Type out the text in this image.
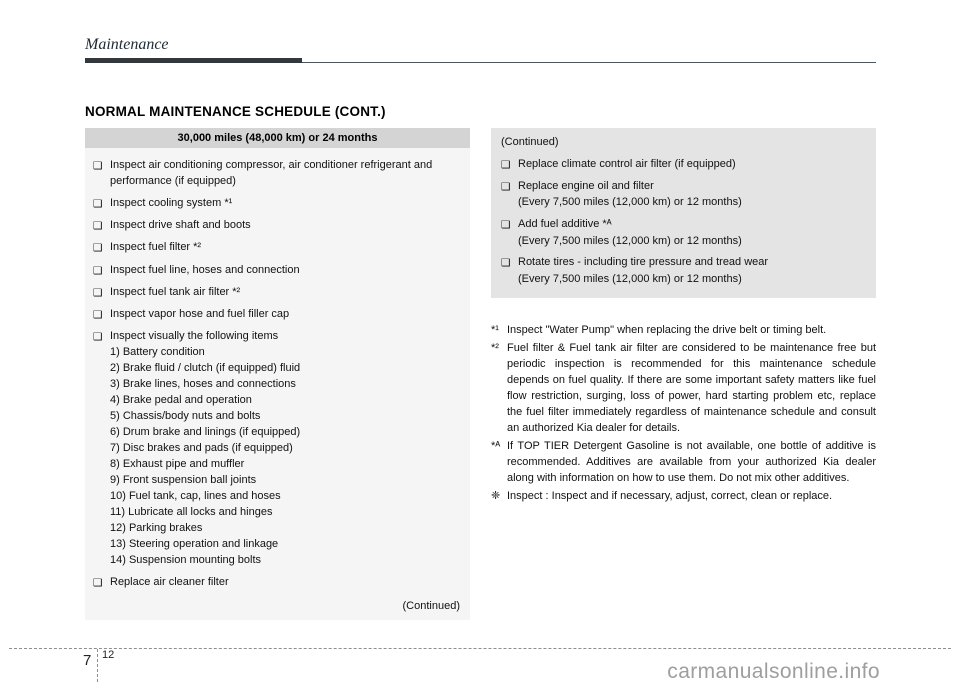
Maintenance
NORMAL MAINTENANCE SCHEDULE (CONT.)
30,000 miles (48,000 km) or 24 months
❑ Inspect air conditioning compressor, air conditioner refrigerant and performance (if equipped)
❑ Inspect cooling system *¹
❑ Inspect drive shaft and boots
❑ Inspect fuel filter *²
❑ Inspect fuel line, hoses and connection
❑ Inspect fuel tank air filter *²
❑ Inspect vapor hose and fuel filler cap
❑ Inspect visually the following items
1) Battery condition
2) Brake fluid / clutch (if equipped) fluid
3) Brake lines, hoses and connections
4) Brake pedal and operation
5) Chassis/body nuts and bolts
6) Drum brake and linings (if equipped)
7) Disc brakes and pads (if equipped)
8) Exhaust pipe and muffler
9) Front suspension ball joints
10) Fuel tank, cap, lines and hoses
11) Lubricate all locks and hinges
12) Parking brakes
13) Steering operation and linkage
14) Suspension mounting bolts
❑ Replace air cleaner filter
(Continued)
(Continued)
❑ Replace climate control air filter (if equipped)
❑ Replace engine oil and filter
(Every 7,500 miles (12,000 km) or 12 months)
❑ Add fuel additive *ᴬ
(Every 7,500 miles (12,000 km) or 12 months)
❑ Rotate tires - including tire pressure and tread wear
(Every 7,500 miles (12,000 km) or 12 months)
*¹ Inspect "Water Pump" when replacing the drive belt or timing belt.
*² Fuel filter & Fuel tank air filter are considered to be maintenance free but periodic inspection is recommended for this maintenance schedule depends on fuel quality. If there are some important safety matters like fuel flow restriction, surging, loss of power, hard starting problem etc, replace the fuel filter immediately regardless of maintenance schedule and consult an authorized Kia dealer for details.
*ᴬ If TOP TIER Detergent Gasoline is not available, one bottle of additive is recommended. Additives are available from your authorized Kia dealer along with information on how to use them. Do not mix other additives.
❈ Inspect : Inspect and if necessary, adjust, correct, clean or replace.
7 12
carmanualsonline.info
